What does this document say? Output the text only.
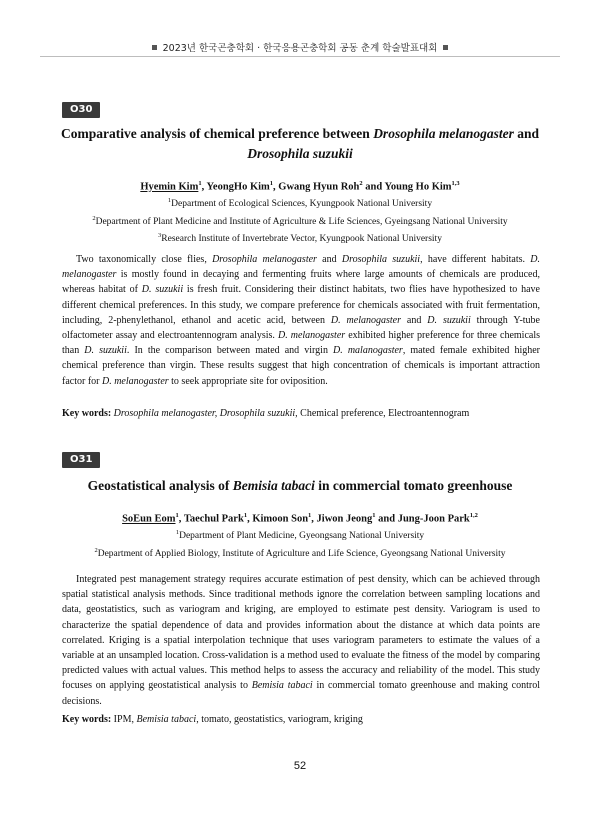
2023년 한국곤충학회 · 한국응용곤충학회 공동 춘계 학술발표대회
O30
Comparative analysis of chemical preference between Drosophila melanogaster and
Drosophila suzukii
Hyemin Kim$^1$, YeongHo Kim$^1$, Gwang Hyun Roh$^2$ and Young Ho Kim$^{1,3}$
$^1$Department of Ecological Sciences, Kyungpook National University
$^2$Department of Plant Medicine and Institute of Agriculture & Life Sciences, Gyeingsang National University
$^3$Research Institute of Invertebrate Vector, Kyungpook National University

Two taxonomically close flies, Drosophila melanogaster and Drosophila suzukii, have different habitats. D. melanogaster is mostly found in decaying and fermenting fruits where large amounts of chemicals are produced, whereas habitat of D. suzukii is fresh fruit. Considering their distinct habitats, two flies have hypothesized to have different chemical preferences. In this study, we compare preference for chemicals associated with fruit fermentation, including, 2-phenylethanol, ethanol and acetic acid, between D. melanogaster and D. suzukii through Y-tube olfactometer assay and electroantennogram analysis. D. melanogaster exhibited higher preference for three chemicals than D. suzukii. In the comparison between mated and virgin D. malanogaster, mated female exhibited higher chemical preference than virgin. These results suggest that high concentration of chemicals is important attraction factor for D. melanogaster to seek appropriate site for oviposition.

Key words: Drosophila melanogaster, Drosophila suzukii, Chemical preference, Electroantennogram
O31
Geostatistical analysis of Bemisia tabaci in commercial tomato greenhouse
SoEun Eom$^1$, Taechul Park$^1$, Kimoon Son$^1$, Jiwon Jeong$^1$ and Jung-Joon Park$^{1,2}$
$^1$Department of Plant Medicine, Gyeongsang National University
$^2$Department of Applied Biology, Institute of Agriculture and Life Science, Gyeongsang National University

Integrated pest management strategy requires accurate estimation of pest density, which can be achieved through spatial statistical analysis methods. Since traditional methods ignore the correlation between sampling locations and data, geostatistics, such as variogram and kriging, are employed to estimate pest density. Variogram is used to characterize the spatial dependence of data and provides information about the distance at which data points are correlated. Kriging is a spatial interpolation technique that uses variogram parameters to estimate the values of a variable at an unsampled location. Cross-validation is a method used to evaluate the fitness of the model by comparing predicted values with actual values. This method helps to assess the accuracy and reliability of the model. This study focuses on applying geostatistical analysis to Bemisia tabaci in commercial tomato greenhouse and making control decisions.

Key words: IPM, Bemisia tabaci, tomato, geostatistics, variogram, kriging
52
